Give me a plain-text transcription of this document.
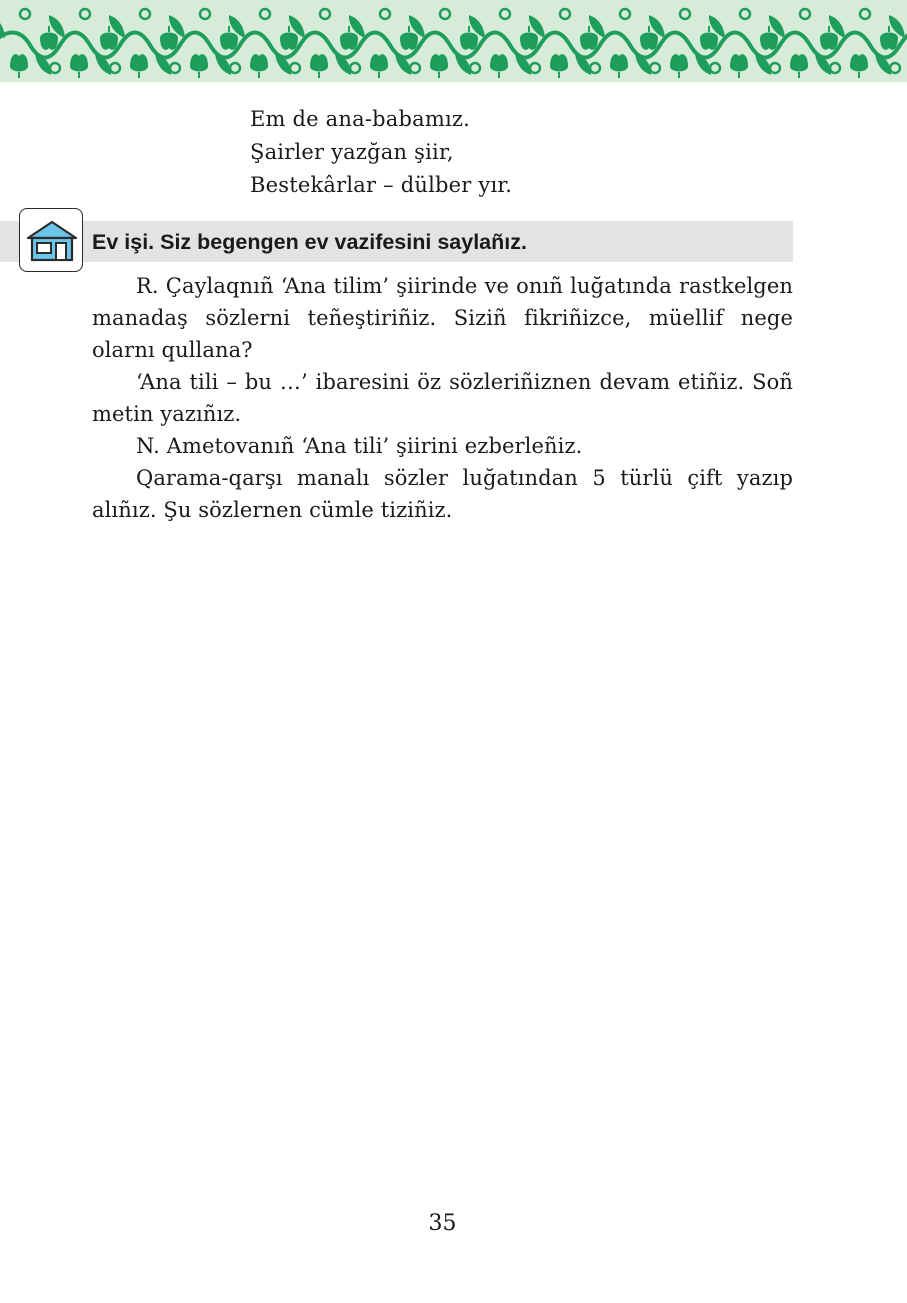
Em de ana-babamız.
Şairler yazğan şiir,
Bestekârlar – dülber yır.
Ev işi. Siz begengen ev vazifesini saylañız.

R. Çaylaqnıñ ‘Ana tilim’ şiirinde ve onıñ luğatında rastkelgen manadaş sözlerni teñeştiriñiz. Siziñ fikriñizce, müellif nege olarnı qullana?

‘Ana tili – bu …’ ibaresini öz sözleriñiznen devam etiñiz. Soñ metin yazıñız.

N. Ametovanıñ ‘Ana tili’ şiirini ezberleñiz.

Qarama-qarşı manalı sözler luğatından 5 türlü çift yazıp alıñız. Şu sözlernen cümle tiziñiz.

35
